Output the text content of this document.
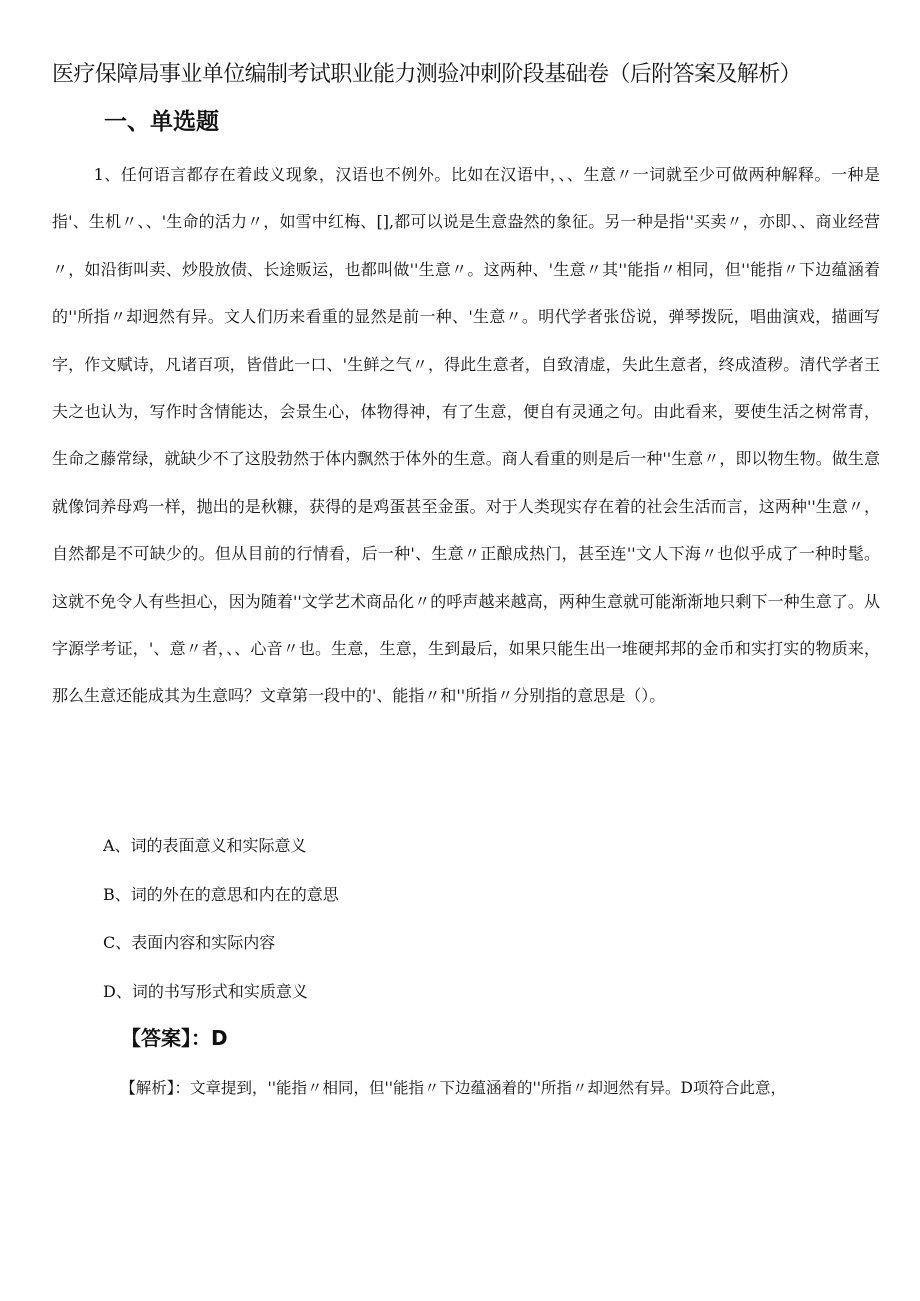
医疗保障局事业单位编制考试职业能力测验冲刺阶段基础卷（后附答案及解析）
一、单选题

1、任何语言都存在着歧义现象，汉语也不例外。比如在汉语中，、、生意〃一词就至少可做两种解释。一种是指'、生机〃、、'生命的活力〃，如雪中红梅、[],都可以说是生意盎然的象征。另一种是指''买卖〃，亦即、、商业经营〃，如沿街叫卖、炒股放债、长途贩运，也都叫做''生意〃。这两种、'生意〃其''能指〃相同，但''能指〃下边蕴涵着的''所指〃却迥然有异。文人们历来看重的显然是前一种、'生意〃。明代学者张岱说，弹琴拨阮，唱曲演戏，描画写字，作文赋诗，凡诸百项，皆借此一口、'生鲜之气〃，得此生意者，自致清虚，失此生意者，终成渣秽。清代学者王夫之也认为，写作时含情能达，会景生心，体物得神，有了生意，便自有灵通之句。由此看来，要使生活之树常青，生命之藤常绿，就缺少不了这股勃然于体内飘然于体外的生意。商人看重的则是后一种''生意〃，即以物生物。做生意就像饲养母鸡一样，抛出的是秋糠，获得的是鸡蛋甚至金蛋。对于人类现实存在着的社会生活而言，这两种''生意〃，自然都是不可缺少的。但从目前的行情看，后一种'、生意〃正酿成热门，甚至连''文人下海〃也似乎成了一种时髦。这就不免令人有些担心，因为随着''文学艺术商品化〃的呼声越来越高，两种生意就可能渐渐地只剩下一种生意了。从字源学考证，'、意〃者，、、心音〃也。生意，生意，生到最后，如果只能生出一堆硬邦邦的金币和实打实的物质来，那么生意还能成其为生意吗？文章第一段中的'、能指〃和''所指〃分别指的意思是（）。

A、词的表面意义和实际意义
B、词的外在的意思和内在的意思
C、表面内容和实际内容
D、词的书写形式和实质意义

【答案】：D

【解析】：文章提到，''能指〃相同，但''能指〃下边蕴涵着的''所指〃却迥然有异。D项符合此意，
